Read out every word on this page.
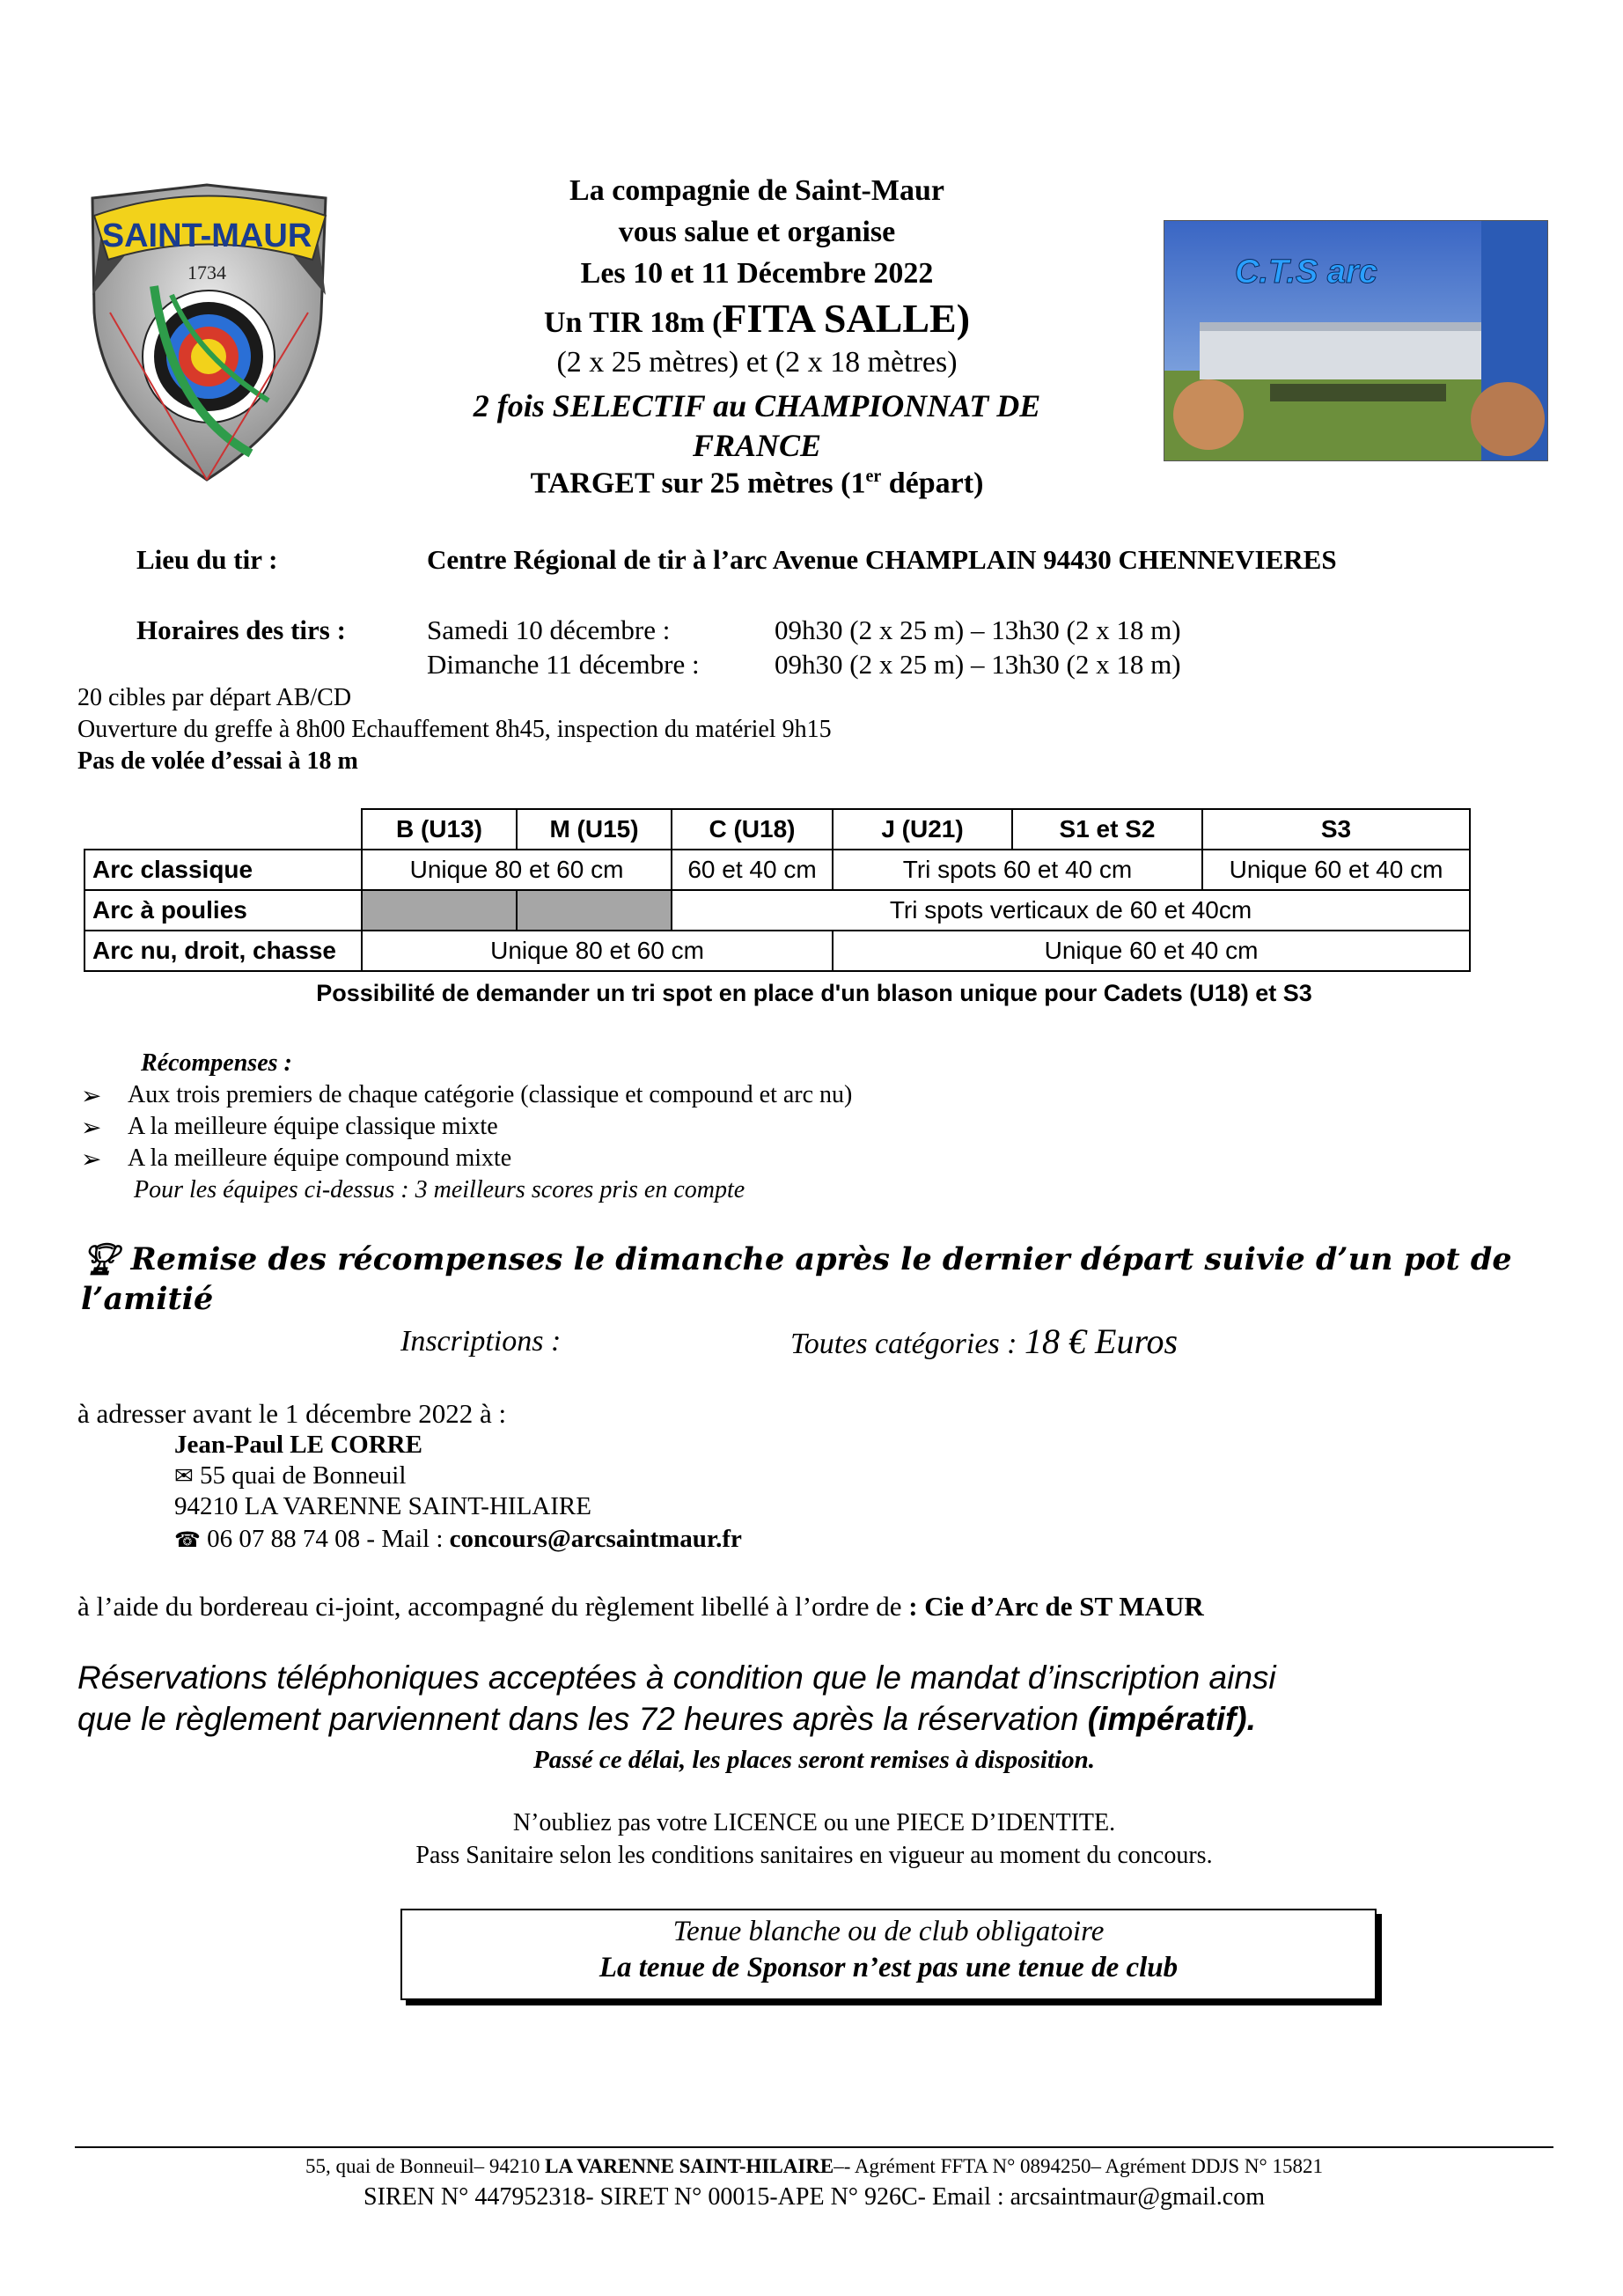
SAINT-MAUR
1734	C.T.S arc
La compagnie de Saint-Maur
vous salue et organise
Les 10 et 11 Décembre 2022
Un TIR 18m (FITA SALLE)
(2 x 25 mètres) et (2 x 18 mètres)
2 fois SELECTIF au CHAMPIONNAT DE
FRANCE
TARGET sur 25 mètres (1er départ)
Lieu du tir :	Centre Régional de tir à l’arc Avenue CHAMPLAIN 94430 CHENNEVIERES
Horaires des tirs :	Samedi 10 décembre :	09h30 (2 x 25 m) – 13h30 (2 x 18 m)
Dimanche 11 décembre :	09h30 (2 x 25 m) – 13h30 (2 x 18 m)
20 cibles par départ AB/CD
Ouverture du greffe à 8h00 Echauffement 8h45, inspection du matériel 9h15
Pas de volée d’essai à 18 m
	B (U13)	M (U15)	C (U18)	J (U21)	S1 et S2	S3
Arc classique	Unique 80 et 60 cm		60 et 40 cm	Tri spots 60 et 40 cm		Unique 60 et 40 cm
Arc à poulies			Tri spots verticaux de 60 et 40cm			
Arc nu, droit, chasse	Unique 80 et 60 cm			Unique 60 et 40 cm		
Possibilité de demander un tri spot en place d'un blason unique pour Cadets (U18) et S3
Récompenses :
➢ Aux trois premiers de chaque catégorie (classique et compound et arc nu)
➢ A la meilleure équipe classique mixte
➢ A la meilleure équipe compound mixte
Pour les équipes ci-dessus : 3 meilleurs scores pris en compte
🏆︎ Remise des récompenses le dimanche après le dernier départ suivie d’un pot de
l’amitié
Inscriptions :	Toutes catégories : 18 € Euros
à adresser avant le 1 décembre 2022 à :
Jean-Paul LE CORRE
✉ 55 quai de Bonneuil
94210 LA VARENNE SAINT-HILAIRE
☎ 06 07 88 74 08 - Mail : concours@arcsaintmaur.fr
à l’aide du bordereau ci-joint, accompagné du règlement libellé à l’ordre de : Cie d’Arc de ST MAUR
Réservations téléphoniques acceptées à condition que le mandat d’inscription ainsi
que le règlement parviennent dans les 72 heures après la réservation (impératif).
Passé ce délai, les places seront remises à disposition.
N’oubliez pas votre LICENCE ou une PIECE D’IDENTITE.
Pass Sanitaire selon les conditions sanitaires en vigueur au moment du concours.
Tenue blanche ou de club obligatoire
La tenue de Sponsor n’est pas une tenue de club
55, quai de Bonneuil– 94210 LA VARENNE SAINT-HILAIRE–- Agrément FFTA N° 0894250– Agrément DDJS N° 15821
SIREN N° 447952318- SIRET N° 00015-APE N° 926C- Email : arcsaintmaur@gmail.com
